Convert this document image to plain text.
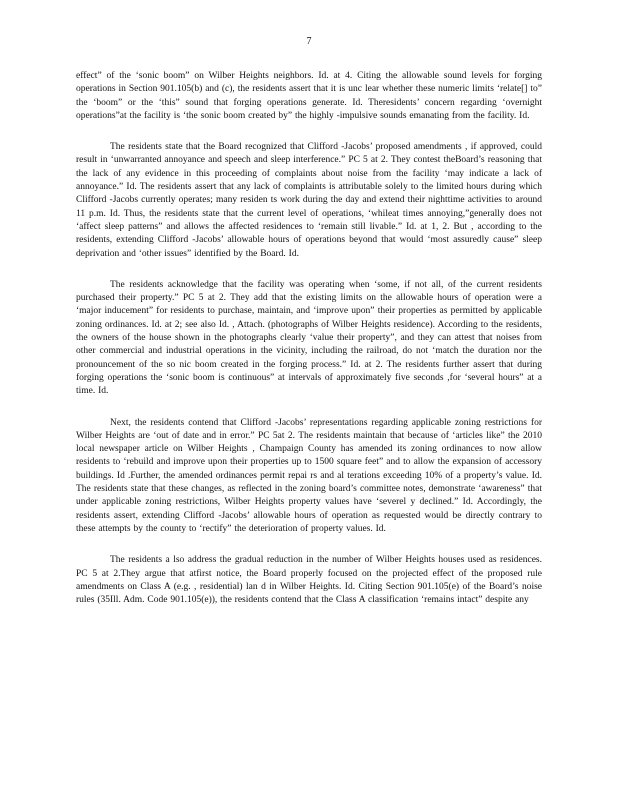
7

effect” of the ‘sonic boom” on Wilber Heights neighbors. Id. at 4. Citing the allowable sound levels for forging operations in Section 901.105(b) and (c), the residents assert that it is unc lear whether these numeric limits ‘relate[] to” the ‘boom” or the ‘this” sound that forging operations generate. Id. Theresidents’ concern regarding ‘overnight operations”at the facility is ‘the sonic boom created by” the highly -impulsive sounds emanating from the facility. Id.

The residents state that the Board recognized that Clifford -Jacobs’ proposed amendments , if approved, could result in ‘unwarranted annoyance and speech and sleep interference.” PC 5 at 2. They contest theBoard’s reasoning that the lack of any evidence in this proceeding of complaints about noise from the facility ‘may indicate a lack of annoyance.” Id. The residents assert that any lack of complaints is attributable solely to the limited hours during which Clifford -Jacobs currently operates; many residen ts work during the day and extend their nighttime activities to around 11 p.m. Id. Thus, the residents state that the current level of operations, ‘whileat times annoying,”generally does not ‘affect sleep patterns” and allows the affected residences to ‘remain still livable.” Id. at 1, 2. But , according to the residents, extending Clifford -Jacobs’ allowable hours of operations beyond that would ‘most assuredly cause” sleep deprivation and ‘other issues” identified by the Board. Id.

The residents acknowledge that the facility was operating when ‘some, if not all, of the current residents purchased their property.” PC 5 at 2. They add that the existing limits on the allowable hours of operation were a ‘major inducement” for residents to purchase, maintain, and ‘improve upon” their properties as permitted by applicable zoning ordinances. Id. at 2; see also Id. , Attach. (photographs of Wilber Heights residence). According to the residents, the owners of the house shown in the photographs clearly ‘value their property”, and they can attest that noises from other commercial and industrial operations in the vicinity, including the railroad, do not ‘match the duration nor the pronouncement of the so nic boom created in the forging process.” Id. at 2. The residents further assert that during forging operations the ‘sonic boom is continuous” at intervals of approximately five seconds ,for ‘several hours” at a time. Id.

Next, the residents contend that Clifford -Jacobs’ representations regarding applicable zoning restrictions for Wilber Heights are ‘out of date and in error.” PC 5at 2. The residents maintain that because of ‘articles like” the 2010 local newspaper article on Wilber Heights , Champaign County has amended its zoning ordinances to now allow residents to ‘rebuild and improve upon their properties up to 1500 square feet” and to allow the expansion of accessory buildings. Id .Further, the amended ordinances permit repai rs and al terations exceeding 10% of a property’s value. Id. The residents state that these changes, as reflected in the zoning board’s committee notes, demonstrate ‘awareness” that under applicable zoning restrictions, Wilber Heights property values have ‘severel y declined.” Id. Accordingly, the residents assert, extending Clifford -Jacobs’ allowable hours of operation as requested would be directly contrary to these attempts by the county to ‘rectify” the deterioration of property values. Id.

The residents a lso address the gradual reduction in the number of Wilber Heights houses used as residences. PC 5 at 2.They argue that atfirst notice, the Board properly focused on the projected effect of the proposed rule amendments on Class A (e.g. , residential) lan d in Wilber Heights. Id. Citing Section 901.105(e) of the Board’s noise rules (35Ill. Adm. Code 901.105(e)), the residents contend that the Class A classification ‘remains intact” despite any
